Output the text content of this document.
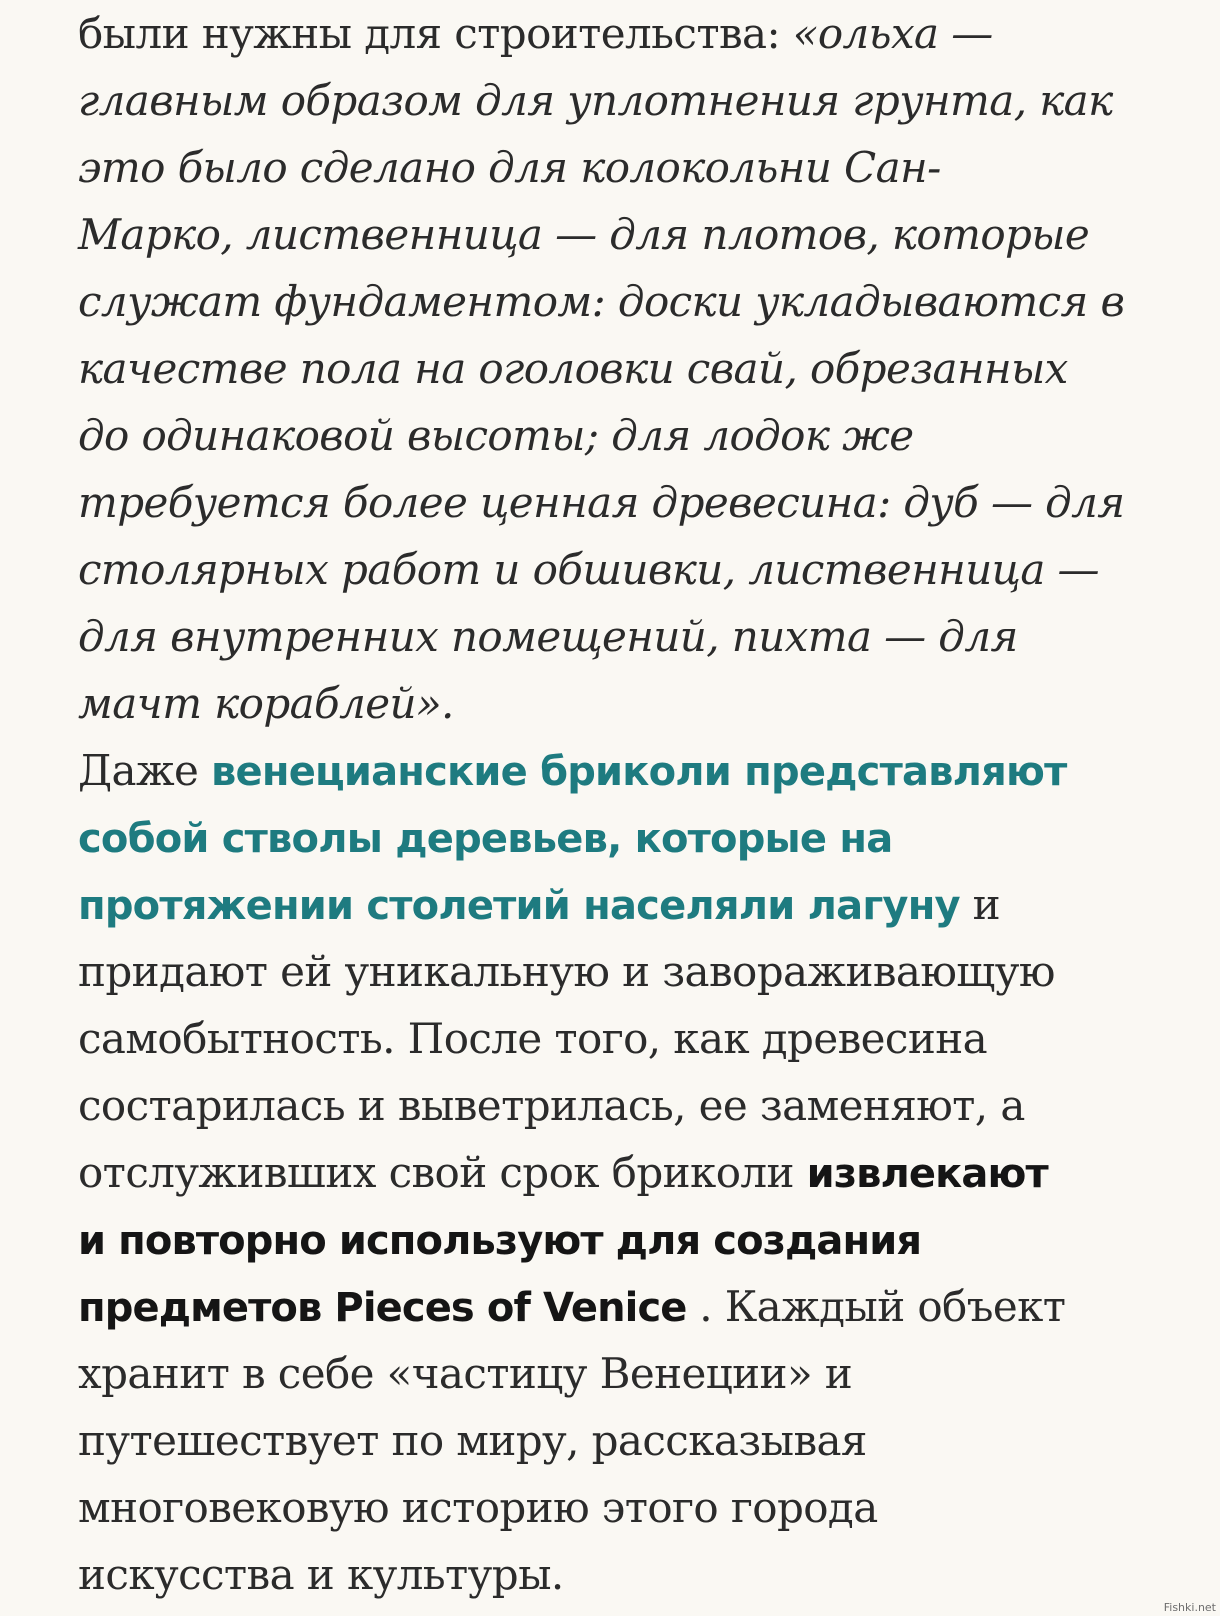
были нужны для строительства: «ольха —
главным образом для уплотнения грунта, как
это было сделано для колокольни Сан-
Марко, лиственница — для плотов, которые
служат фундаментом: доски укладываются в
качестве пола на оголовки свай, обрезанных
до одинаковой высоты; для лодок же
требуется более ценная древесина: дуб — для
столярных работ и обшивки, лиственница —
для внутренних помещений, пихта — для
мачт кораблей».
Даже венецианские бриколи представляют
собой стволы деревьев, которые на
протяжении столетий населяли лагуну и
придают ей уникальную и завораживающую
самобытность. После того, как древесина
состарилась и выветрилась, ее заменяют, а
отслуживших свой срок бриколи извлекают
и повторно используют для создания
предметов Pieces of Venice . Каждый объект
хранит в себе «частицу Венеции» и
путешествует по миру, рассказывая
многовековую историю этого города
искусства и культуры.
Fishki.net
